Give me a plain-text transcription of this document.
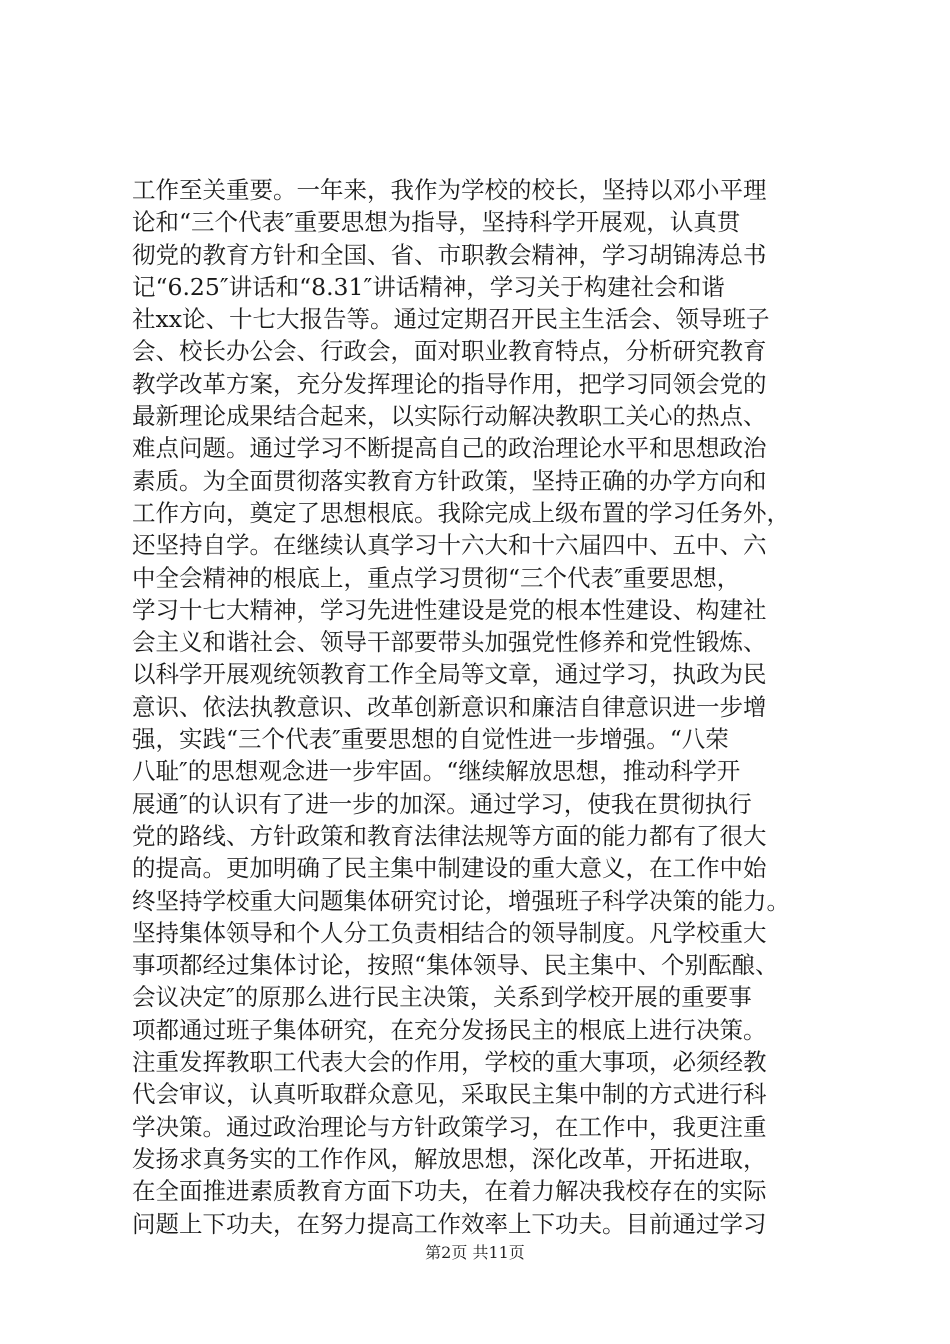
工作至关重要。一年来，我作为学校的校长，坚持以邓小平理
论和“三个代表″重要思想为指导，坚持科学开展观，认真贯
彻党的教育方针和全国、省、市职教会精神，学习胡锦涛总书
记“6.25″讲话和“8.31″讲话精神，学习关于构建社会和谐
社xx论、十七大报告等。通过定期召开民主生活会、领导班子
会、校长办公会、行政会，面对职业教育特点，分析研究教育
教学改革方案，充分发挥理论的指导作用，把学习同领会党的
最新理论成果结合起来，以实际行动解决教职工关心的热点、
难点问题。通过学习不断提高自己的政治理论水平和思想政治
素质。为全面贯彻落实教育方针政策，坚持正确的办学方向和
工作方向，奠定了思想根底。我除完成上级布置的学习任务外，
还坚持自学。在继续认真学习十六大和十六届四中、五中、六
中全会精神的根底上，重点学习贯彻“三个代表″重要思想，
学习十七大精神，学习先进性建设是党的根本性建设、构建社
会主义和谐社会、领导干部要带头加强党性修养和党性锻炼、
以科学开展观统领教育工作全局等文章，通过学习，执政为民
意识、依法执教意识、改革创新意识和廉洁自律意识进一步增
强，实践“三个代表″重要思想的自觉性进一步增强。“八荣
八耻″的思想观念进一步牢固。“继续解放思想，推动科学开
展通″的认识有了进一步的加深。通过学习，使我在贯彻执行
党的路线、方针政策和教育法律法规等方面的能力都有了很大
的提高。更加明确了民主集中制建设的重大意义，在工作中始
终坚持学校重大问题集体研究讨论，增强班子科学决策的能力。
坚持集体领导和个人分工负责相结合的领导制度。凡学校重大
事项都经过集体讨论，按照“集体领导、民主集中、个别酝酿、
会议决定″的原那么进行民主决策，关系到学校开展的重要事
项都通过班子集体研究，在充分发扬民主的根底上进行决策。
注重发挥教职工代表大会的作用，学校的重大事项，必须经教
代会审议，认真听取群众意见，采取民主集中制的方式进行科
学决策。通过政治理论与方针政策学习，在工作中，我更注重
发扬求真务实的工作作风，解放思想，深化改革，开拓进取，
在全面推进素质教育方面下功夫，在着力解决我校存在的实际
问题上下功夫，在努力提高工作效率上下功夫。目前通过学习
第2页 共11页
